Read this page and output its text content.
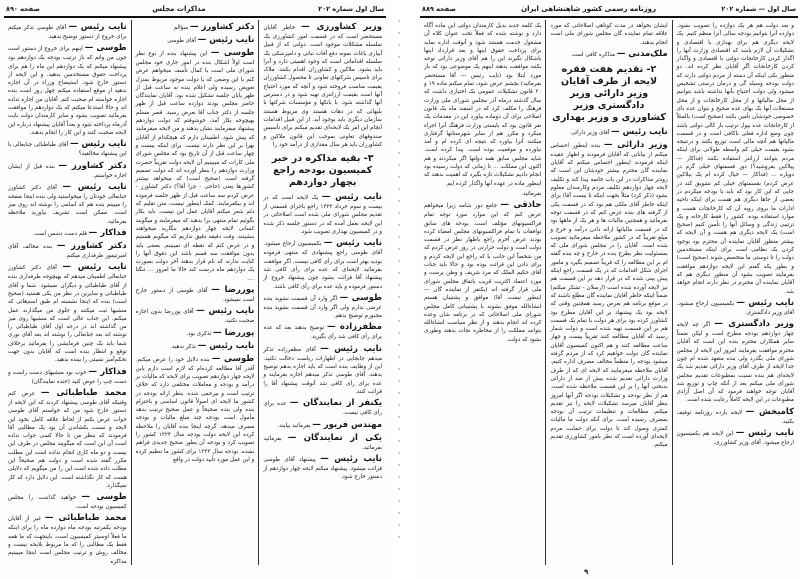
سال اول شماره ۲۰۲
مذاکرات مجلس
صفحه ۸۹۰
وزیر کشاورزی — خاطر آقایان مستحضر است که در قسمت امور کشاورزی یک سلسله مشکلات موجود است. دولتی که از قبیل آبیاری باغات نمونه دفع آفات نباتی و دامپزشکی یک سلسله اقداماتی است که وجود اهمیتی دارد و آنرا باید بشود. ملاکین و کشاورزان اقدام بکنند. ملاک برای تاسیس شرکتهای تعاونی تا محصول کشاورزان بقیمت مناسب فروخته شود و آنچه که مورد احتیاج آنها است بقیمت ارزانتری تهیه شود و در دسترس آنها گذاشته شود. با بانکها و مؤسسات شرکتها با بلیهائی که در دهات هستند وی مربوط هستند سازمان دیگری باید بوجود آید. از این قبیل اقدامات انجام این امر یک لایحه‌ای تقدیم میکنم برای تأسیس صندوقهای تعاونی بموجب این قانون ملاکین و کشاورزان باید هر سال مقداری از درآمد خود را
۳- بقیه مذاکره در خبر کمیسیون بودجه راجع بچهار دوازدهم
نایب رئیس — یک لایحه است که در بیست و سوم خرداد ۱۳۲۲ راجع باجرای قسمتی از تقدیم مجلس شورای ملی شده است اصلاحاتی در این لایحه بعمل آمده که در دستور جلسه ذکر شده و در کمیسیون بهداری تصویب شود.
نایب رئیس — بکمیسیون ارجاع میشود. آقای طوسی راجع پیشنهادی که منتهی فرموده بودید بهتر است برای رأی کافی نیست. اگر موافقت بفرمائید لایحه‌ای که عده برای رأی کافی شد پیشنهاد آقا قرائت بشود چون پیشنهاد خروج از دستور فرموده و باید عده برای رأی کافی باشد.
طوسی — اگر وارد آن قسمت نشوید بنده عرضی ندارم ولی اگر وارد آن قسمت بشوید بنده مجبورم توضیح بدهم.
مظفرزاده — توضیح بدهند بعد که عده برای رأی کافی شد رأی بگیرید.
نایب رئیس — آقای مظفرزاده تذکر میدهم جابجایی در اظهارات ریاست دخالت نکنید. این از وظایف بنده است که باید اجازه بدهم توضیح بدهند. آقای طوسی تذکر میدهم اجازه بفرمایند و عده برای رأی کافی شد آنوقت پیشنهاد آقا را قرائت کنند.
یکنفر از نمایندگان — عده برای رأی کافی نیست.
مهندس فریور — بفرمائید بیایند.
یکی از نمایندگان — بفرمائید بفرمائید.
نایب رئیس — پیشنهاد آقای طوسی قرائت میشود. پیشنهاد میکنم لایحه چهار دوازدهم از دستور خارج شود.
دکتر کشاورز — سؤالم
نایب رئیس — آقای طوسی
طوسی — این پیشنهاد بنده از نوع نظر است اولاً اشکال بنده در امور جاری خود مجلس شورای ملی است با کمال تأسف میخواهم عرض کنم با این وضعی که با دولت موجود مربوط بمنزل تعویض رسیده ولی اعلام بنده نه ساعت قبل از ظهر پایان جلسه تشکیل شده بود. آقایان نمایندگان حاضر مجلس بودند دوازده ساعت قبل از ظهر جلسه از دکتر جناب آقا بعرض رسید. قصر مسلم بهیچوجه بکار آمد، خوشوقتم که دولت دوازدهم پیشنهاد میفرمایند نشان بدهند و من لایحه میفرمایند که پیش شود. اطمینان دارم که هیچکدام از آقایان بهرا بر این نظر دارند نیست. برای اینکه بیست و چهار ساعت قبل از آن تاریخ بود که مجلس شورای ملی کارات که میبینیم آن لایحه دولت تقریباً حضرت وزارت دوازدهم را بنظر آورده اند که دولت تصمیم گرفته است (صحیح است) که میخواهد بیشتر کشورها یعنی (حاجی - چرا آقا؟) دکتر کشاورز - عرض کردم سه ساعت قبل از ظهر جلسه فرموده اند و بیکفرمایند. کمک اینطور نیست، متن تقلیم که دلم شعر میکنم آقایان عمل این نیست. باید بکار بگوئیم تمام منتهی برا بدهید که میفرمایند و میگویند کسانی لایحه چهار دوازدهم بنگارید میخواهند بنشینند. وقت دقیقه دقیق نداریم که میگویم هستیم و در عرض کنم که نقطه ای نمیبینم. بعضی باید بدون موافقت سه قسم باشد این دفوق آنها را کنایت ندارند که نام قرار بدهند آخر دولت بصورت یک دوازدهم ماه درست کند حالا ما امروز ... تنگنا ....
پوررضا — آقای طوسی از دستور خارج است نمیشود.
نایب رئیس — آقای پوررضا بدون اجازه صحبت نکنید.
پوررضا — تذکری بود.
نایب رئیس — تذکر ندهید.
طوسی — بنده دلایل خود را عرض میکنم. آقدر آقا مطالعه کرده‌ام که لازم است دارم باین لایحه چهار دوازدهم تصویب برای لایحه که مالیات بر درآمد و بودجه و معاملات مختلفی دارد که خلاف ترتیب است و بیرحمی شده. بنظر ارائه بودجه در کشور ما لایحه ای اصولاً قانون اساسی و باحترام بنده ولی بنده صحیحاً و عمل صحیح ترتیب بدهد مأمول است بودجه چند مبلغ مالیات و بودجه مصرف میدهد. گرچه اینجا بنده آقایان را ملاحظه کرده این لایحه دولت بودجه سال ۱۳۲۴ کشور را تصویب کرد و بودجه آن بطور صحیح جدیدی فراهم نشده. بودجه سال ۱۳۲۳ برای کشور ما تنظیم کرده و این عمل مورد تأیید دولت در واقع
نایب رئیس — آقای طوسی تذکر میکنم برای خروج از دستور توضیح بدهید.
طوسی — اینهم برای خروج از دستور است چون من وانم که باز ترتیب بودجه یک دوازدهم بود پیشنهاد میکنم که یک دوازدهم این ماه را هم برای پرداخت حقوق مستخدمین بدهید. و این لایحه از دستور خارج شود. استیضاح وزراء در آن اجازه بدهید از موقع استفاده میکنم چهل روز است بنده اجازه خواسته ام صحبت کنم. آقایان من اجازه نداده اند و حالا استدعا میکنم که یک دوازدهم را موافقت بفرمائید تصویب بشود و سایر کارمندان دولت بابت آذرماه پرداخته شود و بعداً آقایان پیشنهاد درباره این لایحه صحبت کنند و این کار را انجام بدهند.
نایب رئیس — آقای طباطبائی جنابعالی با این پیشنهاد مخالفید؟
دکتر کشاورز — بنده قبل از ایشان اجازه خواستم.
نایب رئیس — آقای دکتر کشاورز جنابعالی خودتان را میخواستید ولی بنده اینجا صفحه را میبینم بنده هم که اسامی را نوشته اند روی میز است. ممکن است تشریف بیاورید ملاحظه بفرمائید.
فداکار — قلم دست دشمن است.
دکتر کشاورز — بنده مخالف آقای امیرتیمور طرفداری میکنم.
نایب رئیس — آقای دکتر کشاورز جنابعالی اطمینان میدهم که بهیچوجه طرفداری بنده از آقای طباطبائی و دیگران نمیشود. شما و آقای طباطبائی و سایرین در نظر من یکی هستید (صحیح است) بنده که اینجا نشسته ام طبق اسم‌هائی که منشیها ثبت میکنند و جلوی من میگذارند عمل میکنم. این جناب عالی است که منشیها روی میز من گذاشته اند در درجه اول آقای طباطبائی را نوشته اند بعد جنابعالی را نوشته اند بعد آقای نوری شما باید یک چنین فرمایشی را بفرمائید برخلاف توقع و انتظار بنده است که آقایان بدون جهت تحکم‌آمیز نسبتی را بینده بدهید.
فداکار — خوب بود منشیهای دست راست و دست چپ را عوض کنید (خنده نمایندگان)
محمد طباطبائی — عرض کنم وقتیکه آقای طوسی پیشنهاد کردند که این لایحه از دستور خارج شود من که خواستم آقای طوسی جواب عرض بکنم از لحاظ علاقه کامل بخود این لایحه و نسبت بکشاندن آن بود یک مطالبی آقا فرمودند که بنظر من تا حالا کسی جواب نداده است آن این است که میگویند مجلس در طرف این بیست و دو ماه کاری انجام نداده است این مطلب مکرر گفته شده است و دولت هم صحیحاً این مطلب داده شده است این را من میگویم که دلایلی هست که کار نگذاشته است. این دلایل دارد که کار نمیگذارد.
طوسی — خواهید گذاشت را مجلس کمیسیون بودجه است.
محمد طباطبائی — غیر از آقایان بودجه یکمرتبه بودجه ماه دوازده ماه را برای اینکه ما فعلاً اوسیتر کمیسیون است. باینجهت که ما همه فقط یک مطالبی را که ما مربوط بلایحه نیست و مخالف روش و ترتیب مجلس است اینجا میبینیم مذاکره
سال اول — شماره ۲۰۲
روزنامه رسمی کشور شاهنشاهی ایران
صفحه ۸۸۹
و بعد دولت هم هر یک دوازده را تصویب بشود. دوازده آنرا بتوانیم بودجه سالی آنرا منظم کنیم. یک لایحه دیگری هم برای بهداری با اقتصادی و تشکیلات آن لازم باشد که اقتصادی وزارت آنها را اگذار کردن کارخانجات دولتی با اقتصادی و واگذار کردن کارخانجات اگر آقایان نظر کرده اند. دو منظور یکی اینکه آن دسته از مردم دولتی دارند که دولت بودجه وسیله گی و درمان درستی تشخیص میشود ولی دولت احتیاج بآنها نداشته باشد بتوانیم از محل مالیاتها و از محل کارخانجات و از محل مستغلات آنها یک بهای عده صحیح و بتوان عده بای خصوصی خودشان تأمین بکنند (صحیح است) بالمثلاً از کارخانجات عده بپول ترتیب بار کالی دولتی باشد چون وضع اداره فعلی ناکافی است و در قسمت مالیاتها هم آنچه مالی است توزیع بکنند و درنتیجه بشود بقیمت خیلی کم واسطه طولانی برای اینکه مردم بتوانند ارزانتر استفاده بکنند (فداکار — پیلاکین بفروشید؟) دور قسمتهای خیلی گرم در دوپاره ... (فداکار — خیال کرده ام یک بیلاکین عرض کردم) بقسمتهای خیلی کم تشویق کند در جایی که این کار بود که باید با بودجه میکردم در بعضی از جاها دیگری هم هست برای اینکه ناحیه ادارات ما بروی رویه آن که کارخانجات هست و موارد استفاده بوده. کشور را فقط کارخانه و یک ترتیبی زندگی و وسائل آنها را تأمین کنیم (صحیح است) یک لایحه دیگری هم هست و آن لایحه که بیشتر منظور آقایان نماینده آن محترم بود بوجود کردن یک نظامی است برای اینکه مستخدمین دولت را تا دوستی ما متخصص شوند (صحیح است) و بطور یکه گفتم این لایحه دوازدهم موافقت بفرمایند تصویب بشود آن منظور دیگری هم که آقایان نماینده آن محترم در نظر دارند انجام خواهد شد.
نایب رئیس — بکمیسیون ارجاع میشود. آقای وزیر دادگستری.
وزیر دادگستری — اگر چه لایحه چهار دوازدهم بودجه مطرح است و لیکن ضمناً سایر همکاران محترم بنده این است که آقایان محترم موافقت بفرمایند امروز این لایحه از مجلس شورای ملی بگذرد ولی بنده متعهد شده ام چون جدا لایحه از طرف آقای وزیر دارائی تقدیم شد یک لایحه‌ای هم بنده نسبت بمطبوعات تقدیم مجلس شورای ملی میکنم بعد از آنکه چاپ و توزیع شد آقایان توجه خواهند فرمود که آن اصل آزادی مطبوعات در این لایحه کاملاً رعایت شده است.
کامبخش — لایحه یازده روزنامه توقیف بکنید.
نایب رئیس — این لایحه هم بکمیسیون ارجاع میشود. آقای وزیر کشاورزی.
ایشان بخواهد در مدت کوتاهی اصلاحاتی که مورد علاقه تمام نماینده گان مجلس شورای ملی است انجام بدهند.
ملک‌مدنی — مذاکره کافی است
۲- تقدیم هفت فقره لایحه از طرف آقایان وزیر دارائی وزیر دادگستری وزیر کشاورزی و وزیر بهداری
نایب رئیس — آقای وزیر دارائی
وزیر دارائی — بنده اینطور احساس میکنم از بیاناتی که آقایان فرمودند و اظهار عقیده اینکه فرمودند اینطور احساس میکنم که آقایان نماینده گان محترم بیشتر خودشان این است که زودتر مذاکرات در این باب خاتمه پیدا کند و تکلیف لایحه چهار دوازدهم تکلیف مردم وکارمندان معلوم بشود (ذکر کرد) مثلاً بجهت اینکه تا بیست آقا) برای اینکه خاطر آقای ملکی هم بود که در قسمت یکی از گرفته های بنده عرض کنم که در قسمت توجه بفرمائید و همچنین مالیات ها و هر یک از ماهها بود که در قسمت مالیاتها ارائه دادن درآمد و خرج و مبلغ تقریباً که در کشور ملاحظه میفرمائید تصویب شده است. آقایان را در مجلس شورای ملی که بمسئولیت نظر بطرح بنده در خارج و چه بنده گفته ام بر این مطالعه را که قریباً تصمیم بگیرد و مامور اجرای شکل اقدامات که در یک قسمت راجع اینکه پیش بینی شده که در قرار دهد بر این قسمت هم نیز لایحه آورده شده است (ارسلان - تشکر میکنم) ضمناً اینکه خاطر آقایان نماینده گان مطلع باشند که در موقع برنامه هم بعرض رسید همچنین وقتی که لایحه بود یک پیشنهاد بر این آقایان مطرح بود کشاورز کرده بود برای هر دولت با تمام یک قسمت هم بر این قسمت تهیه شده است و دولت شمار رسید که آقایان مطالعه کنند تقریباً بیست و چهار ساعت مطالعه کنند و هم اکنون کمیسیون آقایان نماینده گان دولت خواهیم کرد که از مردم گرفته میشود بودجه را منظماً مخالف مصرف اداره کنیم. آقایان ملاحظه میفرمایند که لایحه ای که از طرف وزارت دارائی تقدیم شده بیش از صد از دارائی بدبختی آنها را بر این قسمت ملاحظه شده است. هم از نظر بودجه و تشکیلات بودجه اگر آنها امروز بنظر آقایان میرسد تشکیلات لایحه را نیز تقدیم میکنم. مطالعات و تنظیمات ترتیب آن بودجه بمصرف رسیده است. برای آنکه دولت ما مالیات کمتری وصول کند تا دولت برای حمایت مردم لایحه‌ای آورده است که نظر بامور کشاورزی تقدیم میکنم.
یک کلمه جدید بدیل کارمندان دولتی این ماده آگاه دارد و نوشته شده که فعلاً تحت عنوان کلاه آن مشغول خدمت هستند شود و آنوقت اداره نماید برای پرداخت حقوق اینها و بعد قرارداد اینها باشکال نگیرند این را هم آقای وزیر دارائی توجه بکنند موافقت بدهند اینهم یک موضوعی بود که باز مورد ابتلا بود (نایب رئیس — آقا مستحضر بفرمائید) بچشم عرض شود، تمام میکنم ماده ۱۹ و ۲۰ قانون تشکیلات عمومی یک اختیاری داشت که سال گذشته درماه آذر مجلس شورای ملی وزارت فرهنگ را مکلف کرد که در اسفند ماه یک قانون اصلاحی برای آن دوماده بیاورد این در مقدمات یک نفر قانون بود که بایستی وزارت فرهنگ آنرا اجراء میکرد و مکرر هم از سایر شهرستانها گرفتاری میکنند آنرا بیاورد که نتیجه ای کرده ام و آمد نیاورده و موقعیت بوده است. پیدا کرده است. شاید مجلس سابق همه دولتها اگر میکردند و هم اکنون این مملکت ... تا زمانی که دولت رسیده بود انجام دادیم تشکیلات تازه بگیرد که اهمیت بدهند که اینطور ماده در عهده آنها واگذار کرده ایم.
بفرمائید.
حاذقی — جامع دور شامه زیرا میخواهم عرض کنم که این موارد مورد توجه تمام فراکسیونهای مؤتلف است. بودجه های سابق توافقات با تمام فراکسیونهای مجلس امضاء کرده بودند عرض آخرم راجع باظهار نظر در قسمت دولت است و دولت حرارتی در روز عرض کردم که من شخصاً این جانب با که راجع این لایحه کردم و برای دادن این قرائت بوده بود و حالا باید جناب آقای حکیم الملک که مرد شریف و وطن پرست و مورد اعتماد اکثریت قریب باتفاق مجلس شورای ملی قرار گرفته اند (یکنفر از نماینده گان — اینطور نیست آقا) موافق و پشتیبان هستم انشاءالله موفق بشوند با پشتیبانی کامل مجلس شورای ملی اصلاحاتی که در برنامه شان وعده کرده اند انجام بدهند و از نظر سیاست انشاءالله بتوانند مملکت را از مخاطره نجات بدهند وطوری بشود که دولت
۹
